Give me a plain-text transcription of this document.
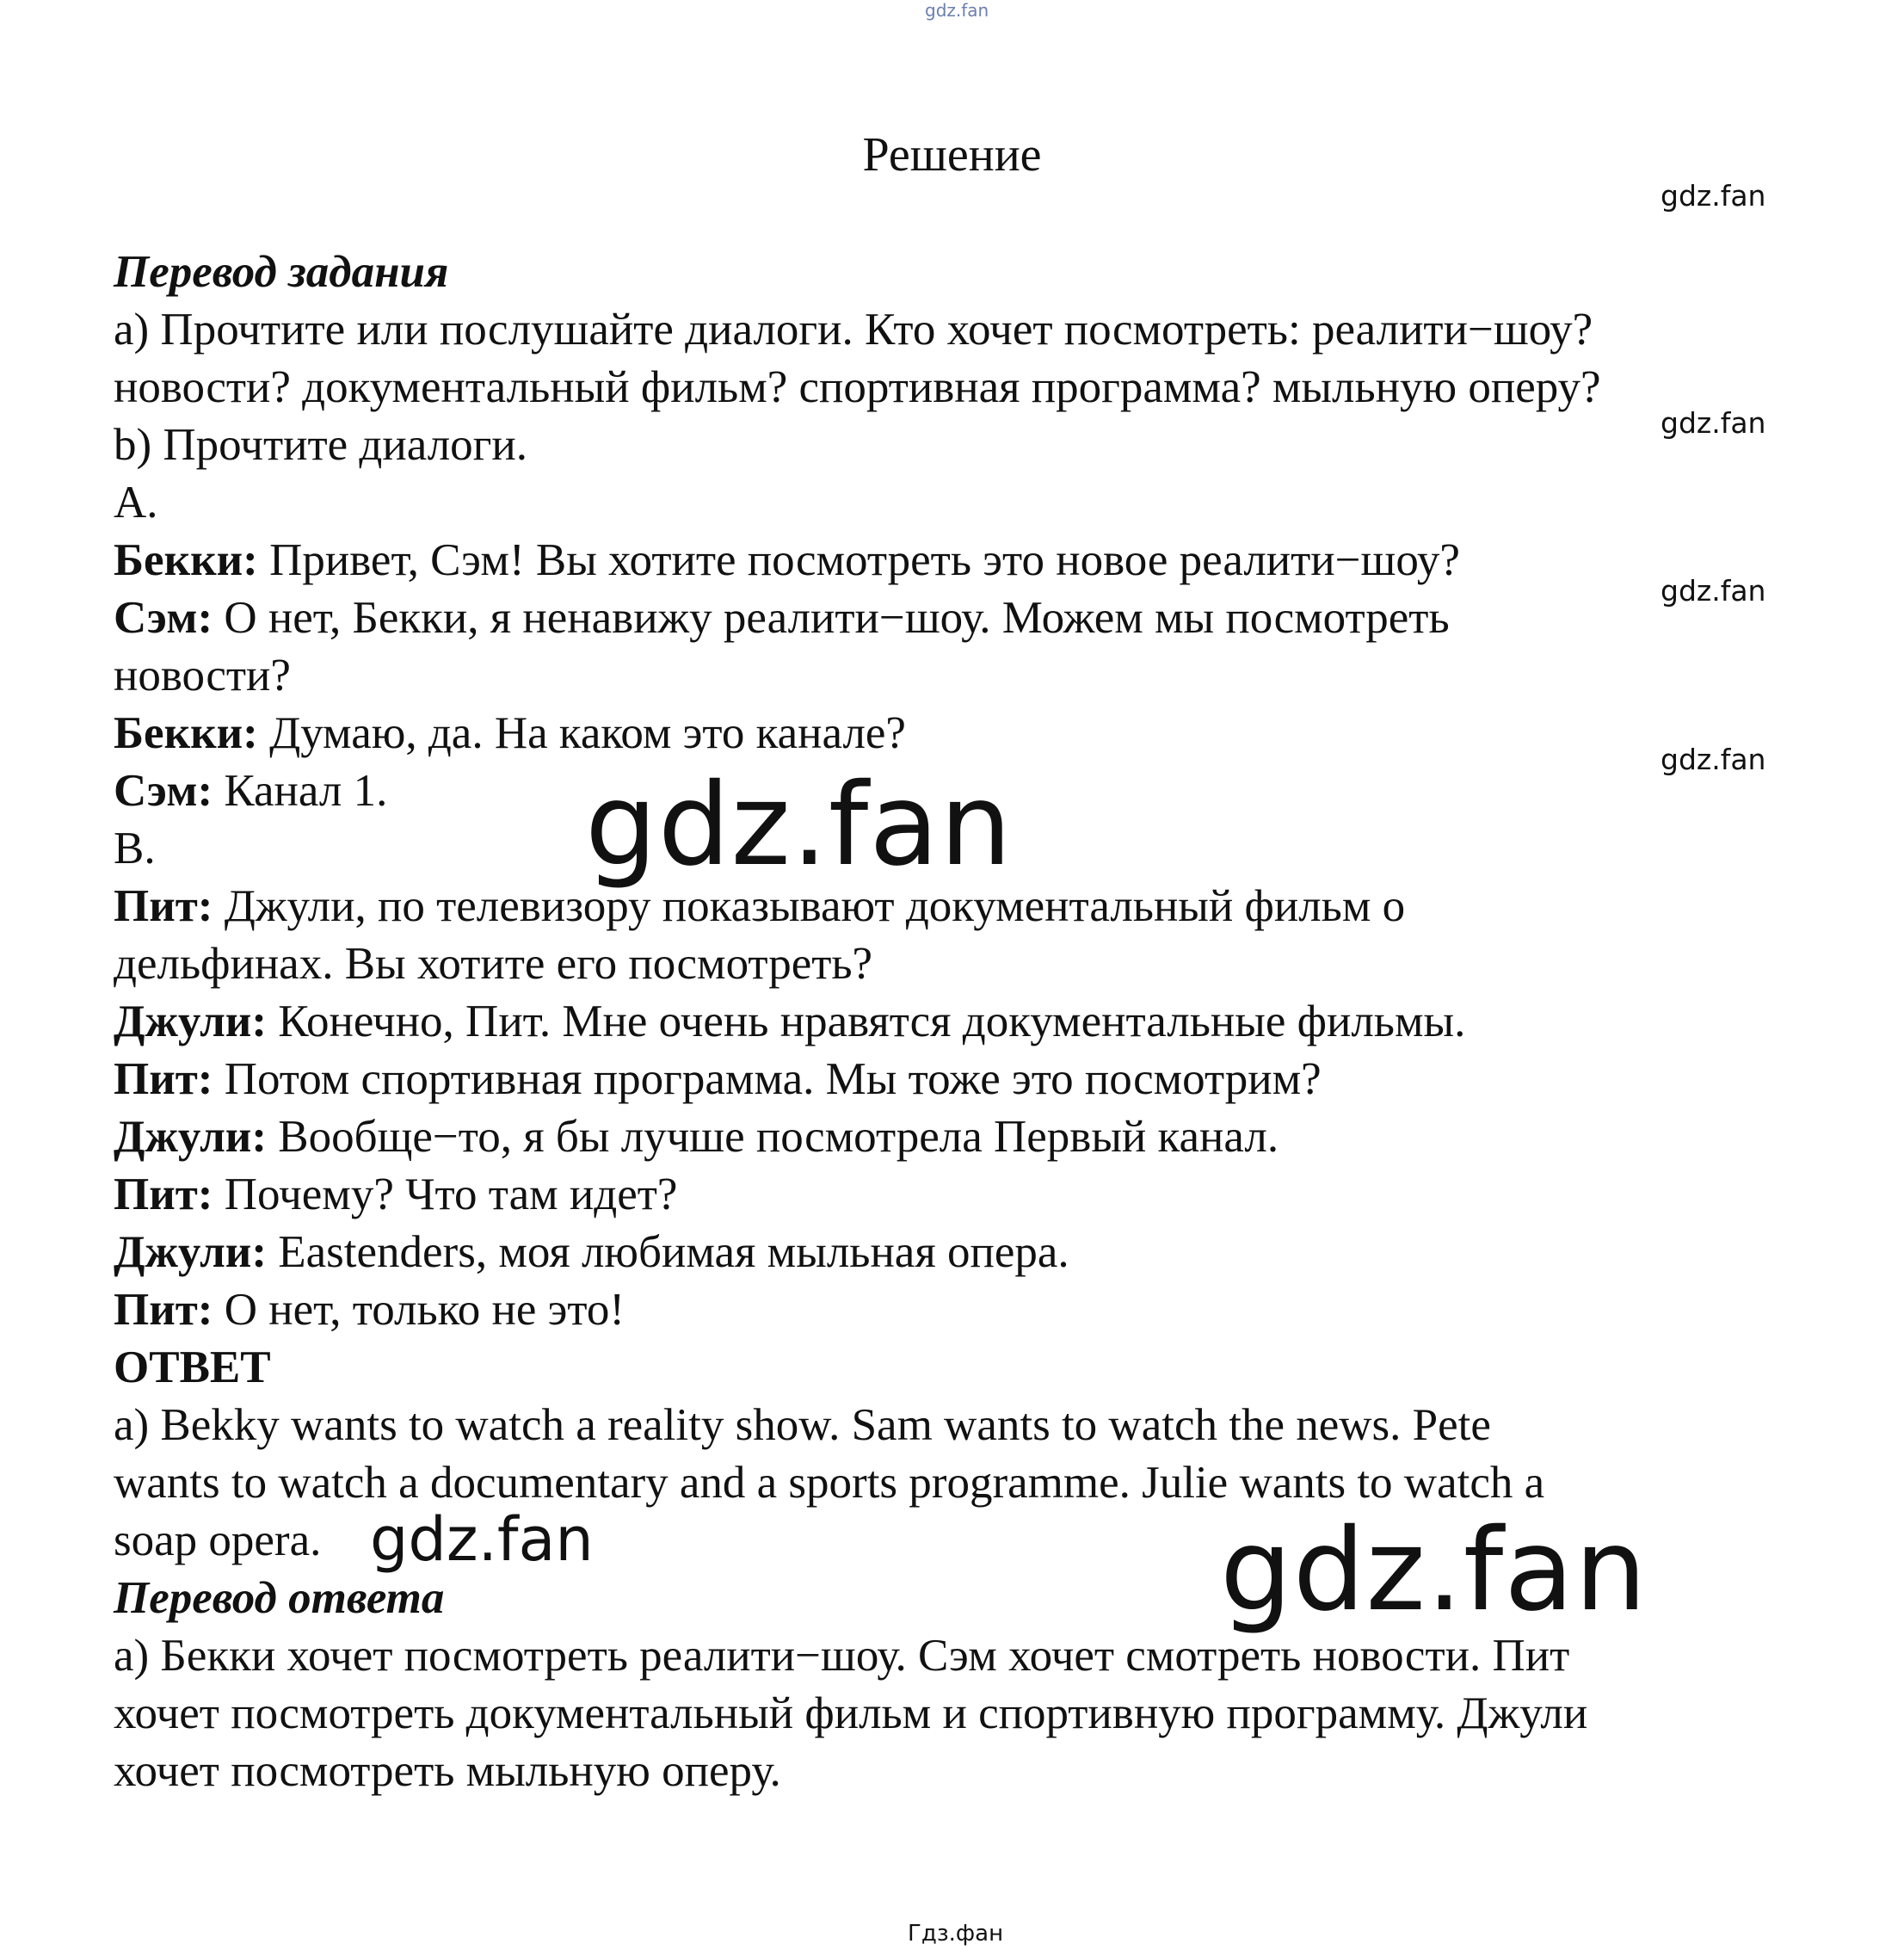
gdz.fan
gdz.fan
gdz.fan
gdz.fan
gdz.fan
gdz.fan
gdz.fan	gdz.fan
Гдз.фан
Решение
Перевод задания
a) Прочтите или послушайте диалоги. Кто хочет посмотреть: реалити−шоу?
новости? документальный фильм? спортивная программа? мыльную оперу?
b) Прочтите диалоги.
A.
Бекки: Привет, Сэм! Вы хотите посмотреть это новое реалити−шоу?
Сэм: О нет, Бекки, я ненавижу реалити−шоу. Можем мы посмотреть
новости?
Бекки: Думаю, да. На каком это канале?
Сэм: Канал 1.
B.
Пит: Джули, по телевизору показывают документальный фильм о
дельфинах. Вы хотите его посмотреть?
Джули: Конечно, Пит. Мне очень нравятся документальные фильмы.
Пит: Потом спортивная программа. Мы тоже это посмотрим?
Джули: Вообще−то, я бы лучше посмотрела Первый канал.
Пит: Почему? Что там идет?
Джули: Eastenders, моя любимая мыльная опера.
Пит: О нет, только не это!
ОТВЕТ
a) Bekky wants to watch a reality show. Sam wants to watch the news. Pete
wants to watch a documentary and a sports programme. Julie wants to watch a
soap opera.
Перевод ответа
а) Бекки хочет посмотреть реалити−шоу. Сэм хочет смотреть новости. Пит
хочет посмотреть документальный фильм и спортивную программу. Джули
хочет посмотреть мыльную оперу.
